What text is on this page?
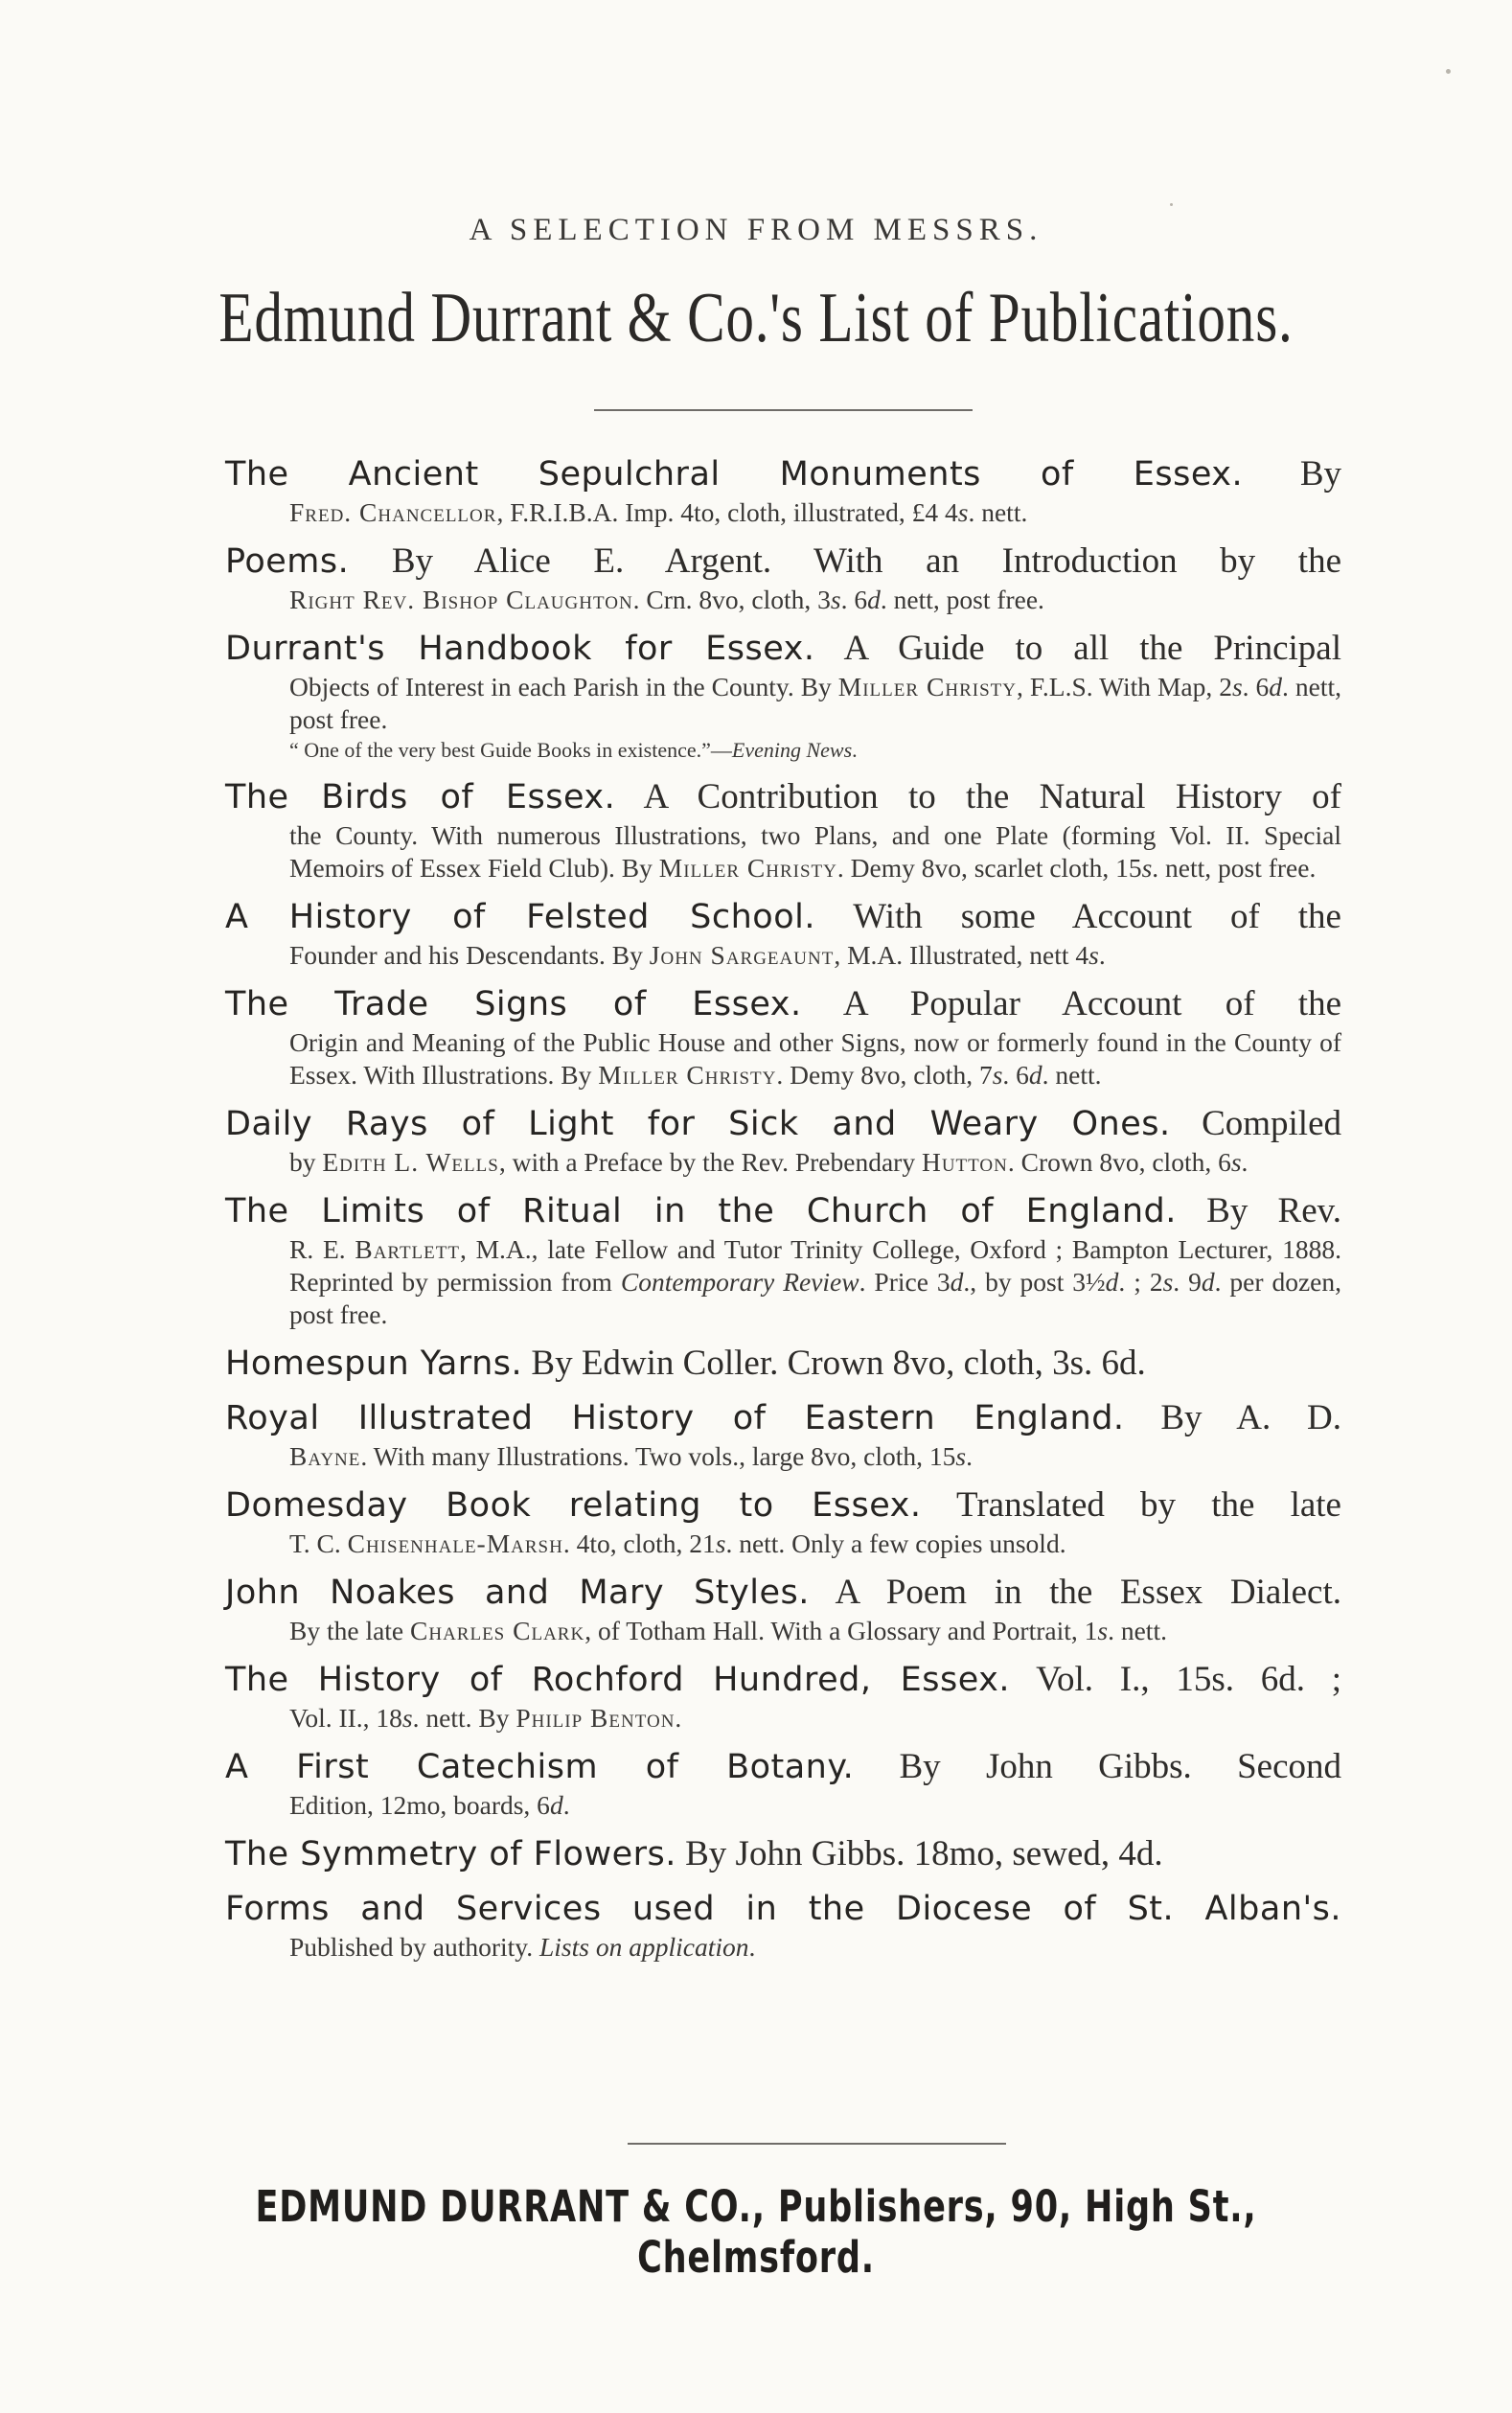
A SELECTION FROM MESSRS.
Edmund Durrant & Co.'s List of Publications.
The Ancient Sepulchral Monuments of Essex. By
Fred. Chancellor, F.R.I.B.A. Imp. 4to, cloth, illustrated, £4 4s. nett.
Poems. By Alice E. Argent. With an Introduction by the
Right Rev. Bishop Claughton. Crn. 8vo, cloth, 3s. 6d. nett, post free.
Durrant's Handbook for Essex. A Guide to all the Principal
Objects of Interest in each Parish in the County. By Miller Christy, F.L.S. With Map, 2s. 6d. nett, post free.
“ One of the very best Guide Books in existence.”—Evening News.
The Birds of Essex. A Contribution to the Natural History of
the County. With numerous Illustrations, two Plans, and one Plate (forming Vol. II. Special Memoirs of Essex Field Club). By Miller Christy. Demy 8vo, scarlet cloth, 15s. nett, post free.
A History of Felsted School. With some Account of the
Founder and his Descendants. By John Sargeaunt, M.A. Illustrated, nett 4s.
The Trade Signs of Essex. A Popular Account of the
Origin and Meaning of the Public House and other Signs, now or formerly found in the County of Essex. With Illustrations. By Miller Christy. Demy 8vo, cloth, 7s. 6d. nett.
Daily Rays of Light for Sick and Weary Ones. Compiled
by Edith L. Wells, with a Preface by the Rev. Prebendary Hutton. Crown 8vo, cloth, 6s.
The Limits of Ritual in the Church of England. By Rev.
R. E. Bartlett, M.A., late Fellow and Tutor Trinity College, Oxford ; Bampton Lecturer, 1888. Reprinted by permission from Contemporary Review. Price 3d., by post 3½d. ; 2s. 9d. per dozen, post free.
Homespun Yarns. By Edwin Coller. Crown 8vo, cloth, 3s. 6d.
Royal Illustrated History of Eastern England. By A. D.
Bayne. With many Illustrations. Two vols., large 8vo, cloth, 15s.
Domesday Book relating to Essex. Translated by the late
T. C. Chisenhale-Marsh. 4to, cloth, 21s. nett. Only a few copies unsold.
John Noakes and Mary Styles. A Poem in the Essex Dialect.
By the late Charles Clark, of Totham Hall. With a Glossary and Portrait, 1s. nett.
The History of Rochford Hundred, Essex. Vol. I., 15s. 6d. ;
Vol. II., 18s. nett. By Philip Benton.
A First Catechism of Botany. By John Gibbs. Second
Edition, 12mo, boards, 6d.
The Symmetry of Flowers. By John Gibbs. 18mo, sewed, 4d.
Forms and Services used in the Diocese of St. Alban's.
Published by authority. Lists on application.
EDMUND DURRANT & CO., Publishers, 90, High St., Chelmsford.
